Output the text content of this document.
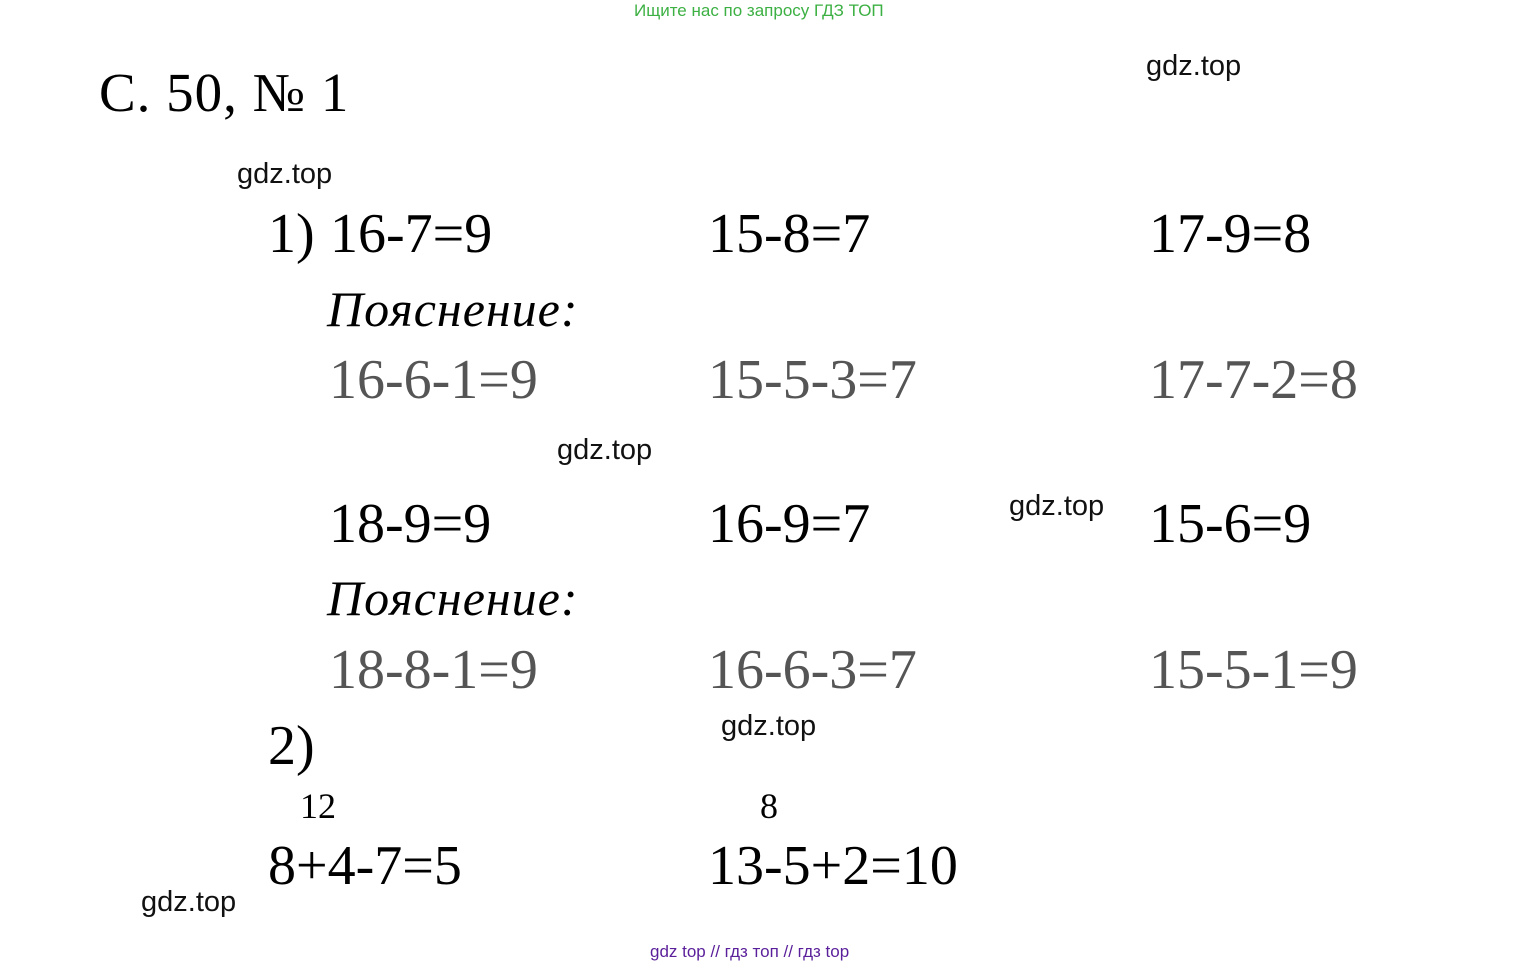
Ищите нас по запросу ГДЗ ТОП
gdz top // гдз топ // гдз top
С. 50, № 1	gdz.top
gdz.top
gdz.top
gdz.top
gdz.top
gdz.top
1) 16-7=9	15-8=7	17-9=8
Пояснение:
16-6-1=9	15-5-3=7	17-7-2=8
18-9=9	16-9=7	15-6=9
Пояснение:
18-8-1=9	16-6-3=7	15-5-1=9
2)
12	8
8+4-7=5	13-5+2=10
